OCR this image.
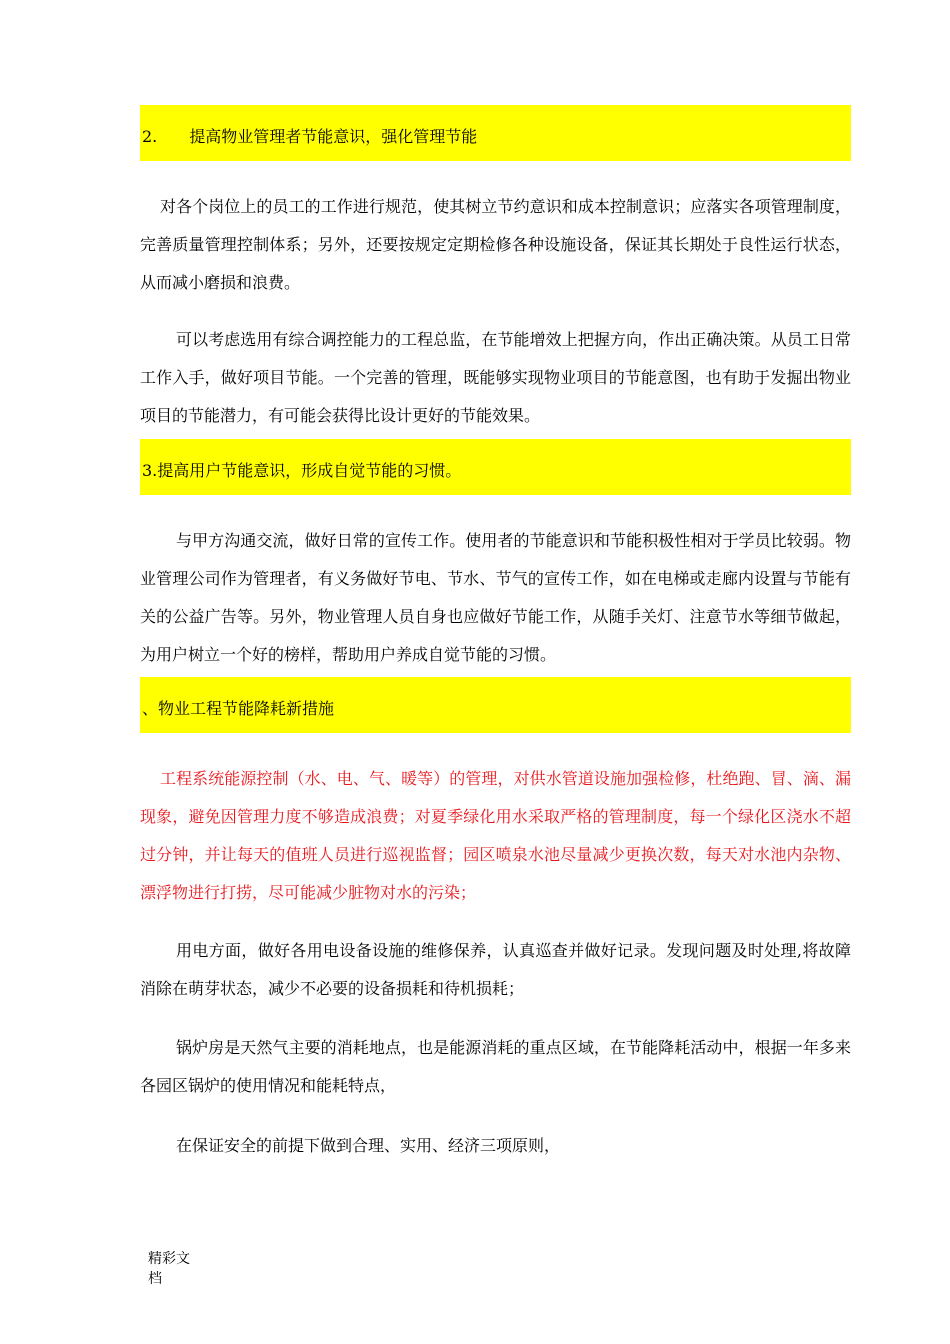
2.　　提高物业管理者节能意识，强化管理节能

对各个岗位上的员工的工作进行规范，使其树立节约意识和成本控制意识；应落实各项管理制度，完善质量管理控制体系；另外，还要按规定定期检修各种设施设备，保证其长期处于良性运行状态，从而减小磨损和浪费。

可以考虑选用有综合调控能力的工程总监，在节能增效上把握方向，作出正确决策。从员工日常工作入手，做好项目节能。一个完善的管理，既能够实现物业项目的节能意图，也有助于发掘出物业项目的节能潜力，有可能会获得比设计更好的节能效果。

3.提高用户节能意识，形成自觉节能的习惯。

与甲方沟通交流，做好日常的宣传工作。使用者的节能意识和节能积极性相对于学员比较弱。物业管理公司作为管理者，有义务做好节电、节水、节气的宣传工作，如在电梯或走廊内设置与节能有关的公益广告等。另外，物业管理人员自身也应做好节能工作，从随手关灯、注意节水等细节做起，为用户树立一个好的榜样，帮助用户养成自觉节能的习惯。

、物业工程节能降耗新措施

工程系统能源控制（水、电、气、暖等）的管理，对供水管道设施加强检修，杜绝跑、冒、滴、漏现象，避免因管理力度不够造成浪费；对夏季绿化用水采取严格的管理制度，每一个绿化区浇水不超过分钟，并让每天的值班人员进行巡视监督；园区喷泉水池尽量减少更换次数，每天对水池内杂物、漂浮物进行打捞，尽可能减少脏物对水的污染；

用电方面，做好各用电设备设施的维修保养，认真巡查并做好记录。发现问题及时处理,将故障消除在萌芽状态，减少不必要的设备损耗和待机损耗；

锅炉房是天然气主要的消耗地点，也是能源消耗的重点区域，在节能降耗活动中，根据一年多来各园区锅炉的使用情况和能耗特点，

在保证安全的前提下做到合理、实用、经济三项原则，

精彩文档
